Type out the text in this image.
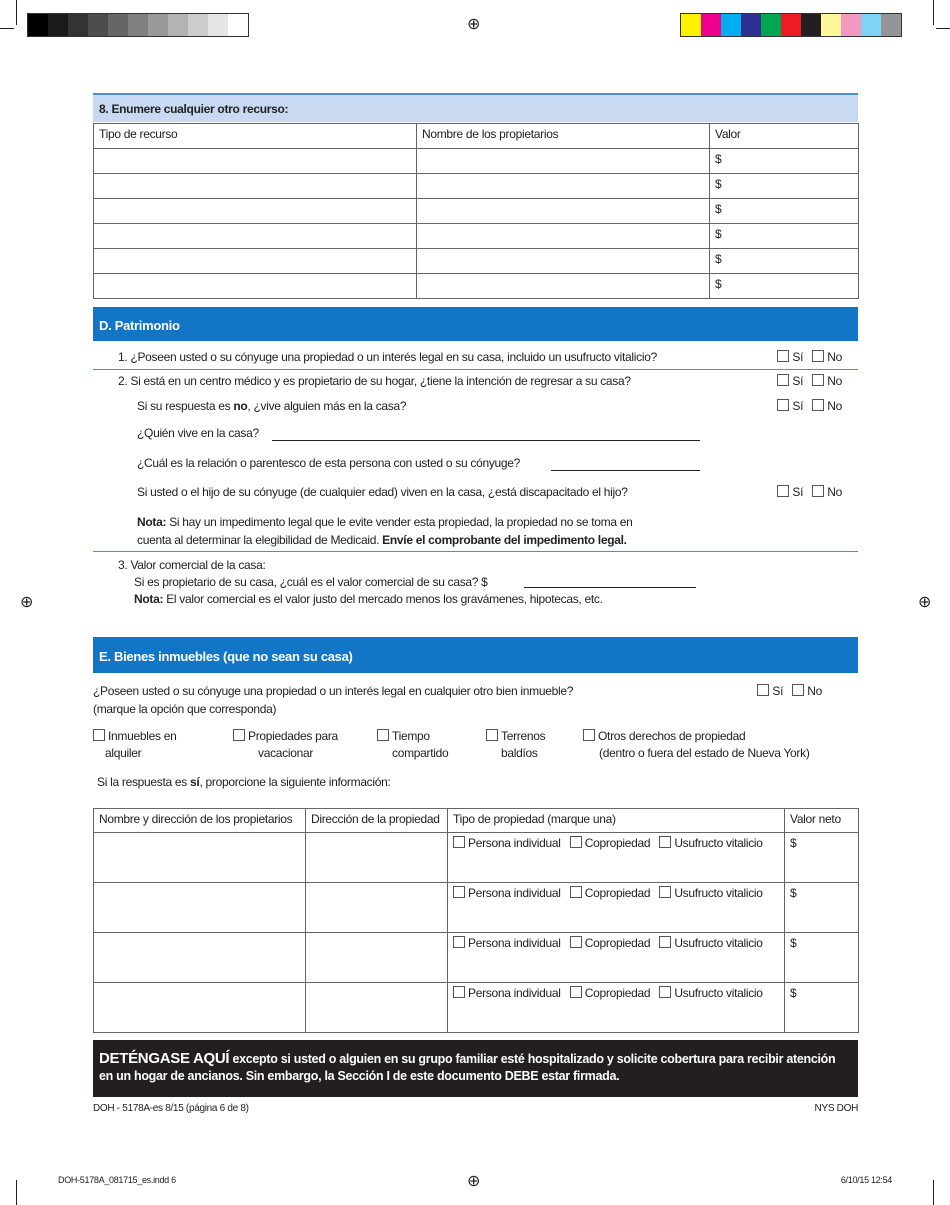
⊕
⊕	⊕
⊕
8. Enumere cualquier otro recurso:
Tipo de recurso	Nombre de los propietarios	Valor
		$
		$
		$
		$
		$
		$
D. Patrimonio
1. ¿Poseen usted o su cónyuge una propiedad o un interés legal en su casa, incluido un usufructo vitalicio?	Sí No
2. Si está en un centro médico y es propietario de su hogar, ¿tiene la intención de regresar a su casa?	Sí No
Si su respuesta es no, ¿vive alguien más en la casa?	Sí No
¿Quién vive en la casa?
¿Cuál es la relación o parentesco de esta persona con usted o su cónyuge?
Si usted o el hijo de su cónyuge (de cualquier edad) viven en la casa, ¿está discapacitado el hijo?	Sí No
Nota: Si hay un impedimento legal que le evite vender esta propiedad, la propiedad no se toma en
cuenta al determinar la elegibilidad de Medicaid. Envíe el comprobante del impedimento legal.
3. Valor comercial de la casa:
Si es propietario de su casa, ¿cuál es el valor comercial de su casa? $
Nota: El valor comercial es el valor justo del mercado menos los gravámenes, hipotecas, etc.
E. Bienes inmuebles (que no sean su casa)
¿Poseen usted o su cónyuge una propiedad o un interés legal en cualquier otro bien inmueble?	Sí No
(marque la opción que corresponda)
Inmuebles en
alquiler
Propiedades para
vacacionar
Tiempo
compartido
Terrenos
baldíos
Otros derechos de propiedad
(dentro o fuera del estado de Nueva York)
Si la respuesta es sí, proporcione la siguiente información:
Nombre y dirección de los propietarios	Dirección de la propiedad	Tipo de propiedad (marque una)	Valor neto
		Persona individual Copropiedad Usufructo vitalicio	$
		Persona individual Copropiedad Usufructo vitalicio	$
		Persona individual Copropiedad Usufructo vitalicio	$
		Persona individual Copropiedad Usufructo vitalicio	$
DETÉNGASE AQUÍ excepto si usted o alguien en su grupo familiar esté hospitalizado y solicite cobertura para recibir atención en un hogar de ancianos. Sin embargo, la Sección I de este documento DEBE estar firmada.
DOH - 5178A-es 8/15 (página 6 de 8)	NYS DOH
DOH-5178A_081715_es.indd 6	6/10/15 12:54
